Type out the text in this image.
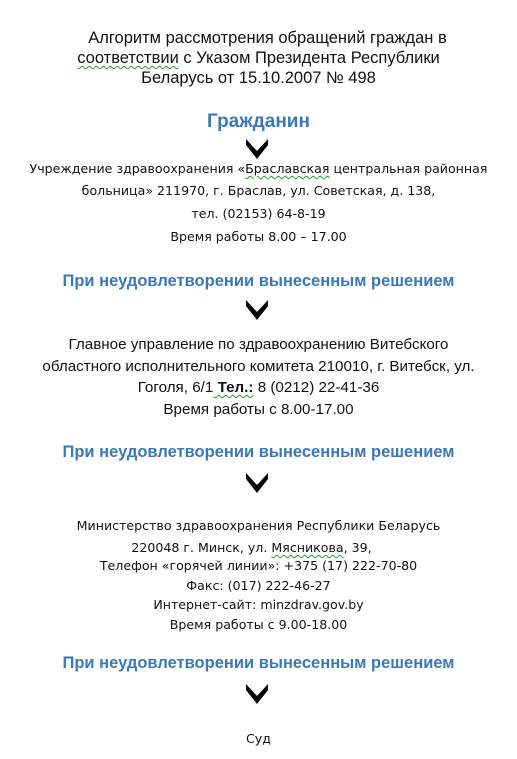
Алгоритм рассмотрения обращений граждан в
соответствии с Указом Президента Республики
Беларусь от 15.10.2007 № 498
Гражданин
Учреждение здравоохранения «Браславская центральная районная
больница» 211970, г. Браслав, ул. Советская, д. 138,
тел. (02153) 64-8-19
Время работы 8.00 – 17.00
При неудовлетворении вынесенным решением
Главное управление по здравоохранению Витебского
областного исполнительного комитета 210010, г. Витебск, ул.
Гоголя, 6/1 Тел.: 8 (0212) 22-41-36
Время работы с 8.00-17.00
При неудовлетворении вынесенным решением
Министерство здравоохранения Республики Беларусь
220048 г. Минск, ул. Мясникова, 39,
Телефон «горячей линии»: +375 (17) 222-70-80
Факс: (017) 222-46-27
Интернет-сайт: minzdrav.gov.by
Время работы с 9.00-18.00
При неудовлетворении вынесенным решением
Суд
